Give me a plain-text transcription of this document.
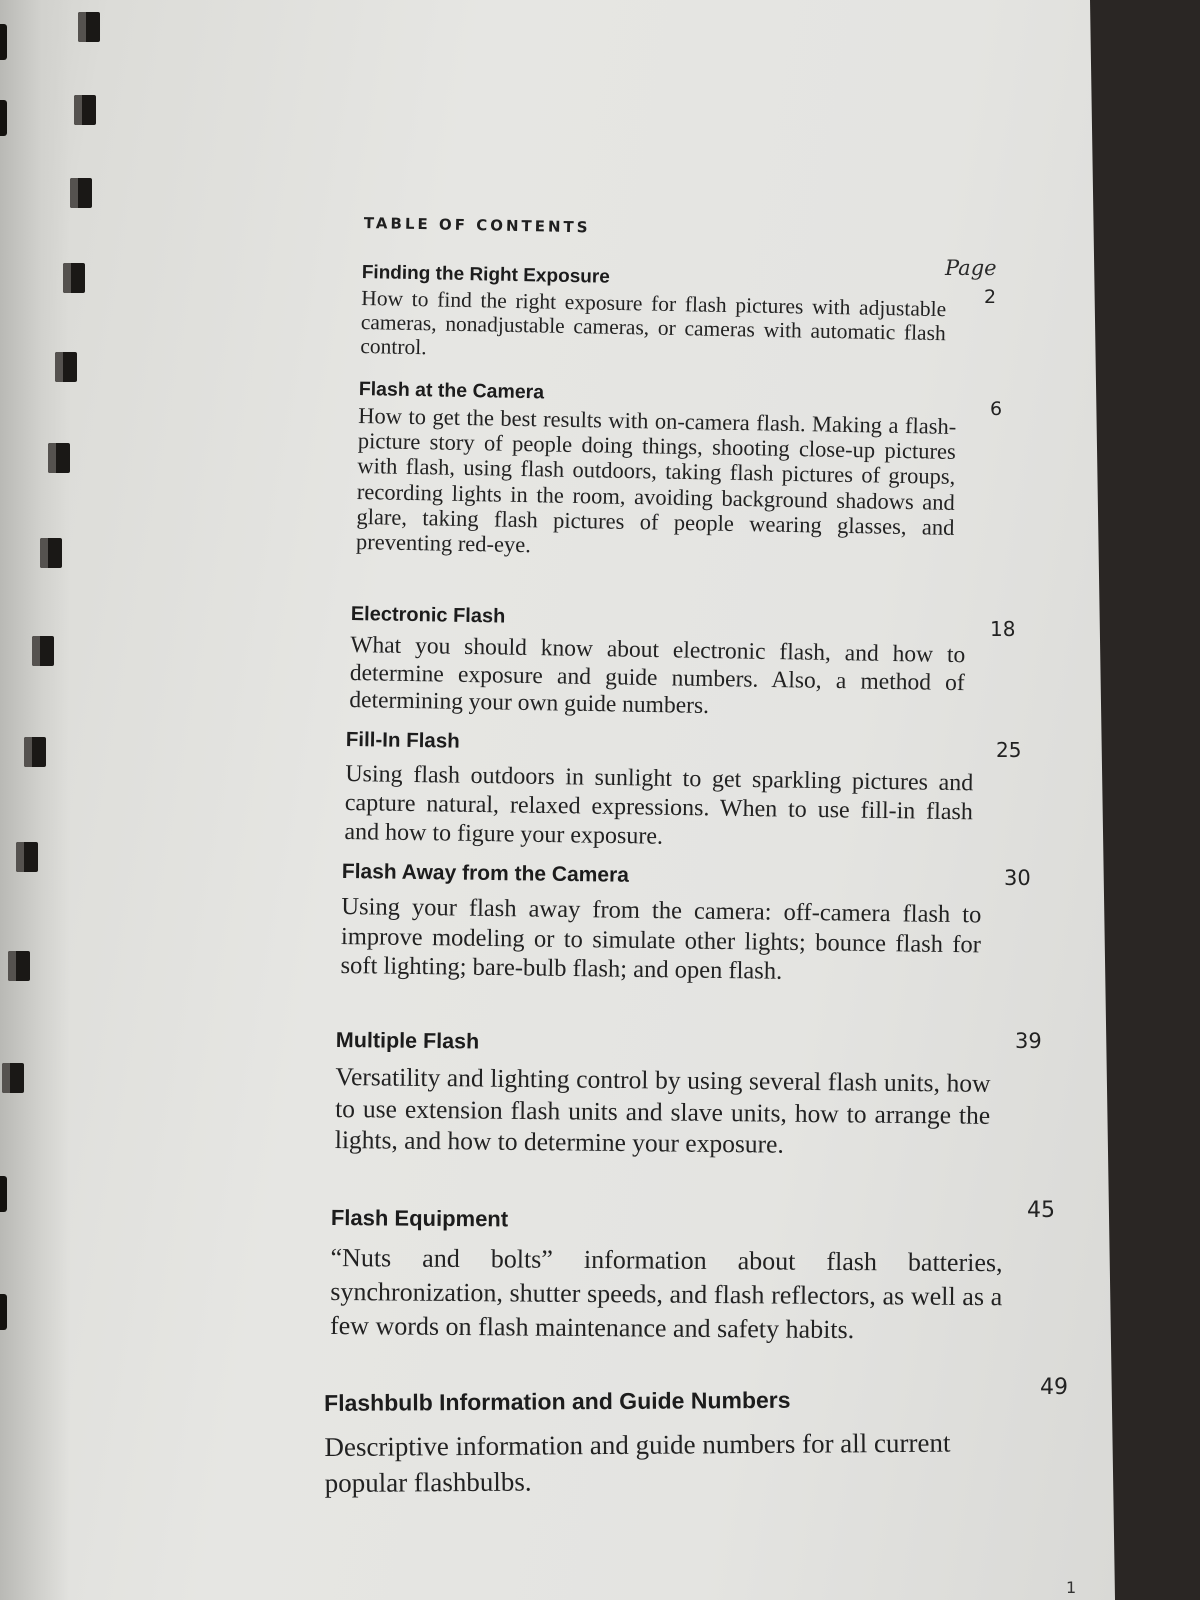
TABLE OF CONTENTS
Page
Finding the Right Exposure

How to find the right exposure for flash pictures with adjustable cameras, nonadjustable cameras, or cameras with automatic flash control.

2
Flash at the Camera

How to get the best results with on-camera flash. Making a flash-picture story of people doing things, shooting close-up pictures with flash, using flash outdoors, taking flash pictures of groups, recording lights in the room, avoiding background shadows and glare, taking flash pictures of people wearing glasses, and preventing red-eye.

6
Electronic Flash

What you should know about electronic flash, and how to determine exposure and guide numbers. Also, a method of determining your own guide numbers.

18
Fill-In Flash

Using flash outdoors in sunlight to get sparkling pictures and capture natural, relaxed expressions. When to use fill-in flash and how to figure your exposure.

25
Flash Away from the Camera

Using your flash away from the camera: off-camera flash to improve modeling or to simulate other lights; bounce flash for soft lighting; bare-bulb flash; and open flash.

30
Multiple Flash

Versatility and lighting control by using several flash units, how to use extension flash units and slave units, how to arrange the lights, and how to determine your exposure.

39
Flash Equipment

“Nuts and bolts” information about flash batteries, synchronization, shutter speeds, and flash reflectors, as well as a few words on flash maintenance and safety habits.

45
Flashbulb Information and Guide Numbers

Descriptive information and guide numbers for all current popular flashbulbs.

49
1
